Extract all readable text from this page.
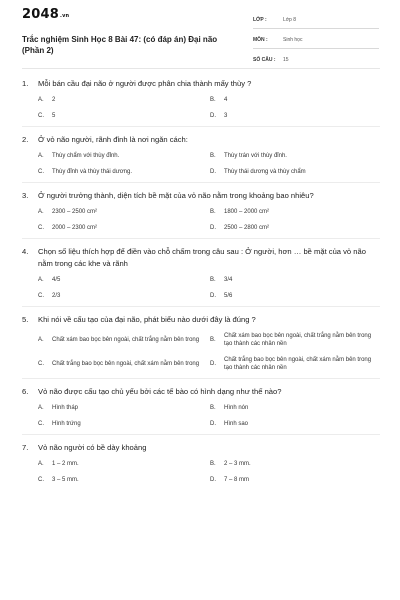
$2048^{.vn}$
Trắc nghiệm Sinh Học 8 Bài 47: (có đáp án) Đại não (Phần 2)
LỚP :	Lớp 8
MÔN :	Sinh học
SỐ CÂU : 15
1. Mỗi bán cầu đại não ở người được phân chia thành mấy thùy ?
A.	2	B.	4
C.	5	D.	3
2. Ở vỏ não người, rãnh đỉnh là nơi ngăn cách:
A.	Thùy chẩm với thùy đỉnh.	B.	Thùy trán với thùy đỉnh.
C.	Thùy đỉnh và thùy thái dương.	D.	Thùy thái dương và thùy chẩm
3. Ở người trưởng thành, diện tích bề mặt của vỏ não nằm trong khoảng bao nhiêu?
A.	2300 – 2500 cm²	B.	1800 – 2000 cm²
C.	2000 – 2300 cm²	D.	2500 – 2800 cm²
4. Chọn số liệu thích hợp để điền vào chỗ chấm trong câu sau : Ở người, hơn … bề mặt của vỏ não nằm trong các khe và rãnh
A.	4/5	B.	3/4
C.	2/3	D.	5/6
5. Khi nói về cấu tạo của đại não, phát biểu nào dưới đây là đúng ?
A.	Chất xám bao bọc bên ngoài, chất trắng nằm bên trong	B.
Chất xám bao bọc bên ngoài, chất trắng nằm bên trong tạo thành các nhân nền
C.	Chất trắng bao bọc bên ngoài, chất xám nằm bên trong	D.
Chất trắng bao bọc bên ngoài, chất xám nằm bên trong tạo thành các nhân nền
6. Vỏ não được cấu tạo chủ yếu bởi các tế bào có hình dạng như thế nào?
A.	Hình tháp	B.	Hình nón
C.	Hình trứng	D.	Hình sao
7. Vỏ não người có bề dày khoảng
A.	1 – 2 mm.	B.	2 – 3 mm.
C.	3 – 5 mm.	D.	7 – 8 mm
